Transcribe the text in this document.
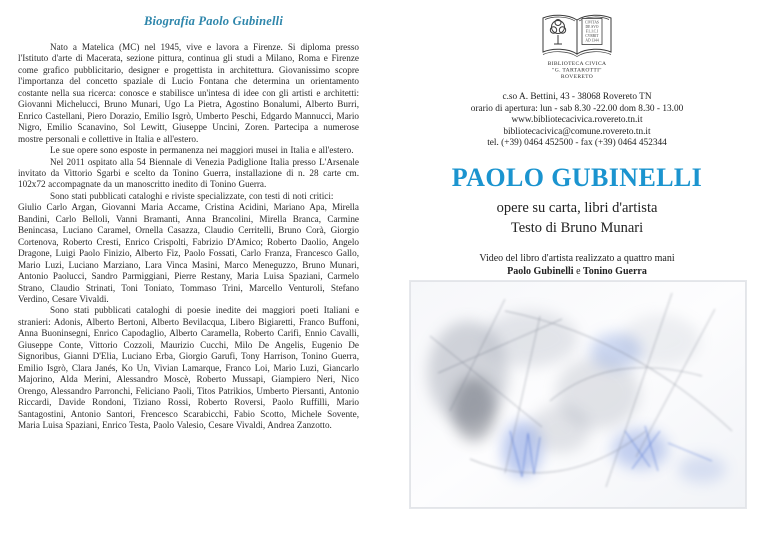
Biografia Paolo Gubinelli

Nato a Matelica (MC) nel 1945, vive e lavora a Firenze. Si diploma presso l'Istituto d'arte di Macerata, sezione pittura, continua gli studi a Milano, Roma e Firenze come grafico pubblicitario, designer e progettista in architettura. Giovanissimo scopre l'importanza del concetto spaziale di Lucio Fontana che determina un orientamento costante nella sua ricerca: conosce e stabilisce un'intesa di idee con gli artisti e architetti: Giovanni Michelucci, Bruno Munari, Ugo La Pietra, Agostino Bonalumi, Alberto Burri, Enrico Castellani, Piero Dorazio, Emilio Isgrò, Umberto Peschi, Edgardo Mannucci, Mario Nigro, Emilio Scanavino, Sol Lewitt, Giuseppe Uncini, Zoren. Partecipa a numerose mostre personali e collettive in Italia e all'estero.

Le sue opere sono esposte in permanenza nei maggiori musei in Italia e all'estero.

Nel 2011 ospitato alla 54 Biennale di Venezia Padiglione Italia presso L'Arsenale invitato da Vittorio Sgarbi e scelto da Tonino Guerra, installazione di n. 28 carte cm. 102x72 accompagnate da un manoscritto inedito di Tonino Guerra.

Sono stati pubblicati cataloghi e riviste specializzate, con testi di noti critici:

Giulio Carlo Argan, Giovanni Maria Accame, Cristina Acidini, Mariano Apa, Mirella Bandini, Carlo Belloli, Vanni Bramanti, Anna Brancolini, Mirella Branca, Carmine Benincasa, Luciano Caramel, Ornella Casazza, Claudio Cerritelli, Bruno Corà, Giorgio Cortenova, Roberto Cresti, Enrico Crispolti, Fabrizio D'Amico; Roberto Daolio, Angelo Dragone, Luigi Paolo Finizio, Alberto Fiz, Paolo Fossati, Carlo Franza, Francesco Gallo, Mario Luzi, Luciano Marziano, Lara Vinca Masini, Marco Meneguzzo, Bruno Munari, Antonio Paolucci, Sandro Parmiggiani, Pierre Restany, Maria Luisa Spaziani, Carmelo Strano, Claudio Strinati, Toni Toniato, Tommaso Trini, Marcello Venturoli, Stefano Verdino, Cesare Vivaldi.

Sono stati pubblicati cataloghi di poesie inedite dei maggiori poeti Italiani e stranieri: Adonis, Alberto Bertoni, Alberto Bevilacqua, Libero Bigiaretti, Franco Buffoni, Anna Buoninsegni, Enrico Capodaglio, Alberto Caramella, Roberto Carifi, Ennio Cavalli, Giuseppe Conte, Vittorio Cozzoli, Maurizio Cucchi, Milo De Angelis, Eugenio De Signoribus, Gianni D'Elia, Luciano Erba, Giorgio Garufi, Tony Harrison, Tonino Guerra, Emilio Isgrò, Clara Janés, Ko Un, Vivian Lamarque, Franco Loi, Mario Luzi, Giancarlo Majorino, Alda Merini, Alessandro Moscè, Roberto Mussapi, Giampiero Neri, Nico Orengo, Alessandro Parronchi, Feliciano Paoli, Titos Patrikios, Umberto Piersanti, Antonio Riccardi, Davide Rondoni, Tiziano Rossi, Roberto Roversi, Paolo Ruffilli, Mario Santagostini, Antonio Santori, Frencesco Scarabicchi, Fabio Scotto, Michele Sovente, Maria Luisa Spaziani, Enrico Testa, Paolo Valesio, Cesare Vivaldi, Andrea Zanzotto.

CIVITAS
DE SVO
F.L.I.C.I
CVRRIT
AD 1344
BIBLIOTECA CIVICA
"G. TARTAROTTI"
ROVERETO
c.so A. Bettini, 43 - 38068 Rovereto TN
orario di apertura: lun - sab 8.30 -22.00 dom 8.30 - 13.00
www.bibliotecacivica.rovereto.tn.it
bibliotecacivica@comune.rovereto.tn.it
tel. (+39) 0464 452500 - fax (+39) 0464 452344
PAOLO GUBINELLI
opere su carta, libri d'artista
Testo di Bruno Munari
Video del libro d'artista realizzato a quattro mani
Paolo Gubinelli e Tonino Guerra
